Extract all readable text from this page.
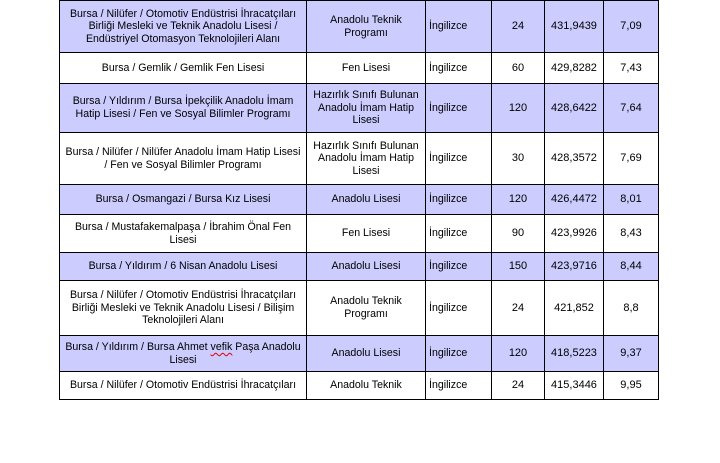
Bursa / Nilüfer / Otomotiv Endüstrisi İhracatçıları Birliği Mesleki ve Teknik Anadolu Lisesi / Endüstriyel Otomasyon Teknolojileri Alanı	Anadolu Teknik Programı	İngilizce	24	431,9439	7,09
Bursa / Gemlik / Gemlik Fen Lisesi	Fen Lisesi	İngilizce	60	429,8282	7,43
Bursa / Yıldırım / Bursa İpekçilik Anadolu İmam Hatip Lisesi / Fen ve Sosyal Bilimler Programı	Hazırlık Sınıfı Bulunan Anadolu İmam Hatip Lisesi	İngilizce	120	428,6422	7,64
Bursa / Nilüfer / Nilüfer Anadolu İmam Hatip Lisesi / Fen ve Sosyal Bilimler Programı	Hazırlık Sınıfı Bulunan Anadolu İmam Hatip Lisesi	İngilizce	30	428,3572	7,69
Bursa / Osmangazi / Bursa Kız Lisesi	Anadolu Lisesi	İngilizce	120	426,4472	8,01
Bursa / Mustafakemalpaşa / İbrahim Önal Fen Lisesi	Fen Lisesi	İngilizce	90	423,9926	8,43
Bursa / Yıldırım / 6 Nisan Anadolu Lisesi	Anadolu Lisesi	İngilizce	150	423,9716	8,44
Bursa / Nilüfer / Otomotiv Endüstrisi İhracatçıları Birliği Mesleki ve Teknik Anadolu Lisesi / Bilişim Teknolojileri Alanı	Anadolu Teknik Programı	İngilizce	24	421,852	8,8
Bursa / Yıldırım / Bursa Ahmet vefik Paşa Anadolu Lisesi	Anadolu Lisesi	İngilizce	120	418,5223	9,37
Bursa / Nilüfer / Otomotiv Endüstrisi İhracatçıları	Anadolu Teknik	İngilizce	24	415,3446	9,95
